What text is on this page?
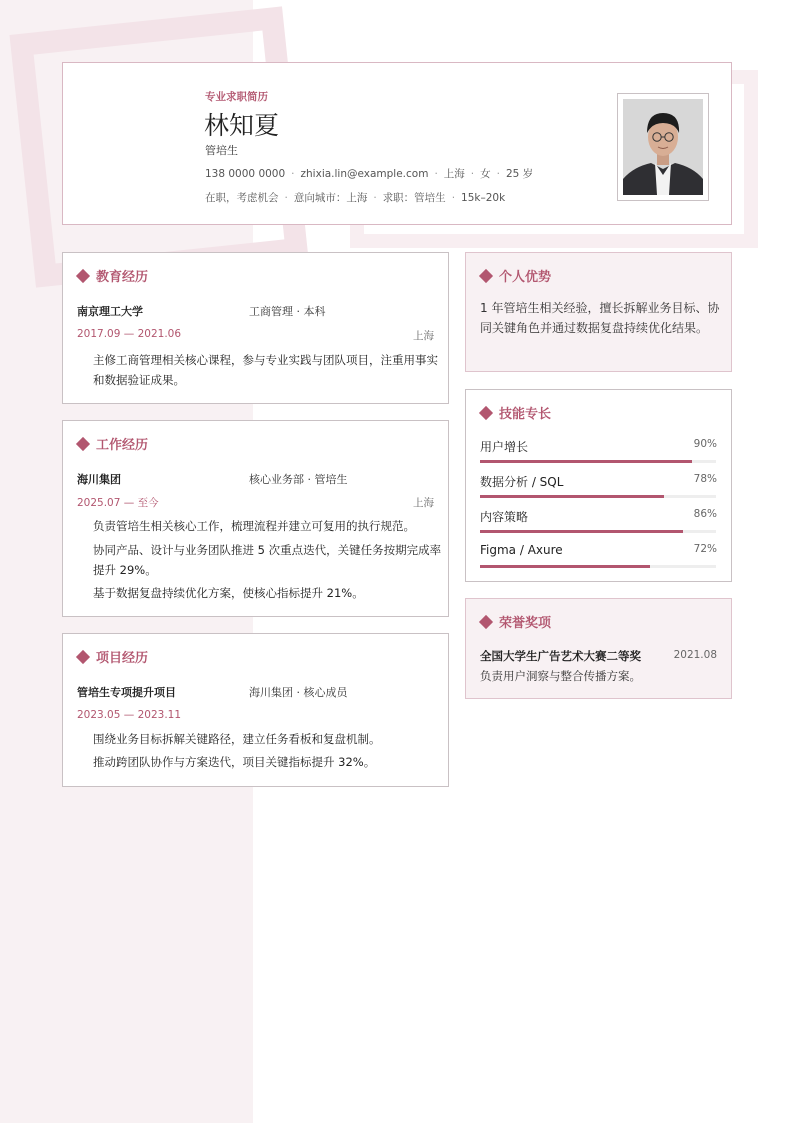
专业求职简历
林知夏
管培生
138 0000 0000 · zhixia.lin@example.com · 上海 · 女 · 25 岁
在职，考虑机会 · 意向城市：上海 · 求职：管培生 · 15k–20k
教育经历
南京理工大学	工商管理 · 本科
2017.09 — 2021.06	上海
主修工商管理相关核心课程，参与专业实践与团队项目，注重用事实和数据验证成果。
工作经历
海川集团	核心业务部 · 管培生
2025.07 — 至今	上海
负责管培生相关核心工作，梳理流程并建立可复用的执行规范。
协同产品、设计与业务团队推进 5 次重点迭代，关键任务按期完成率提升 29%。
基于数据复盘持续优化方案，使核心指标提升 21%。
项目经历
管培生专项提升项目	海川集团 · 核心成员
2023.05 — 2023.11
围绕业务目标拆解关键路径，建立任务看板和复盘机制。
推动跨团队协作与方案迭代，项目关键指标提升 32%。
个人优势
1 年管培生相关经验，擅长拆解业务目标、协同关键角色并通过数据复盘持续优化结果。
技能专长
用户增长	90%
数据分析 / SQL	78%
内容策略	86%
Figma / Axure	72%
荣誉奖项
全国大学生广告艺术大赛二等奖	2021.08
负责用户洞察与整合传播方案。
